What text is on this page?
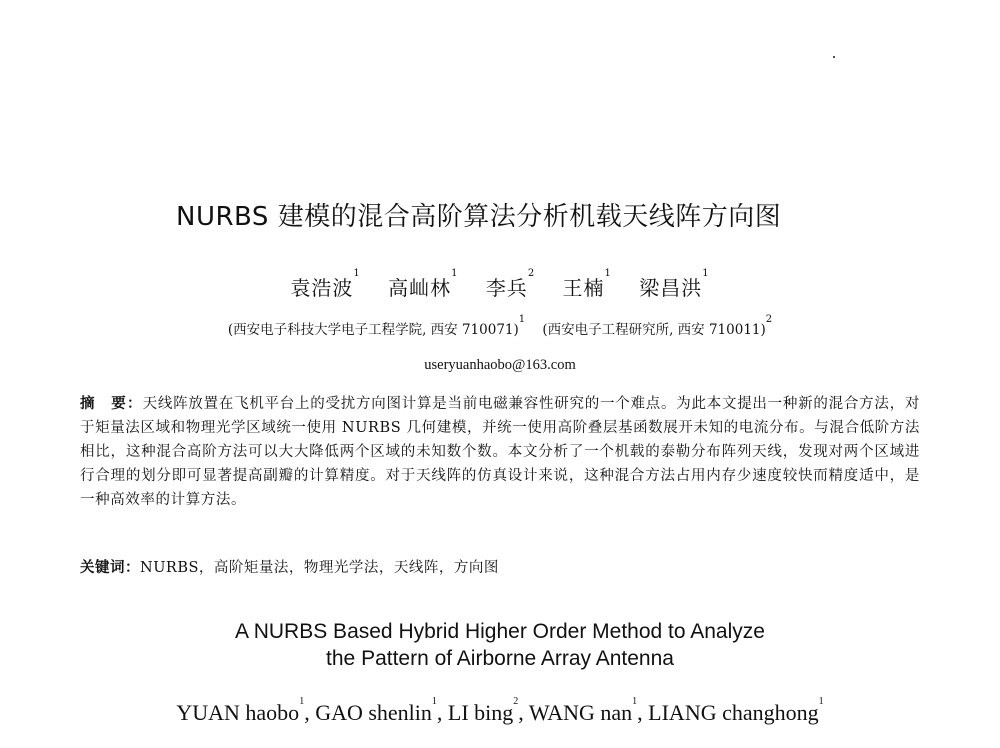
NURBS 建模的混合高阶算法分析机载天线阵方向图
袁浩波$^1$ 高屾林$^1$ 李兵$^2$ 王楠$^1$ 梁昌洪$^1$
(西安电子科技大学电子工程学院, 西安 710071)$^1$    (西安电子工程研究所, 西安 710011)$^2$
useryuanhaobo@163.com
摘　要：天线阵放置在飞机平台上的受扰方向图计算是当前电磁兼容性研究的一个难点。为此本文提出一种新的混合方法，对于矩量法区域和物理光学区域统一使用 NURBS 几何建模，并统一使用高阶叠层基函数展开未知的电流分布。与混合低阶方法相比，这种混合高阶方法可以大大降低两个区域的未知数个数。本文分析了一个机载的泰勒分布阵列天线，发现对两个区域进行合理的划分即可显著提高副瓣的计算精度。对于天线阵的仿真设计来说，这种混合方法占用内存少速度较快而精度适中，是一种高效率的计算方法。
关键词：NURBS，高阶矩量法，物理光学法，天线阵，方向图
A NURBS Based Hybrid Higher Order Method to Analyze
the Pattern of Airborne Array Antenna
YUAN haobo$^1$, GAO shenlin$^1$, LI bing$^2$, WANG nan$^1$, LIANG changhong$^1$
